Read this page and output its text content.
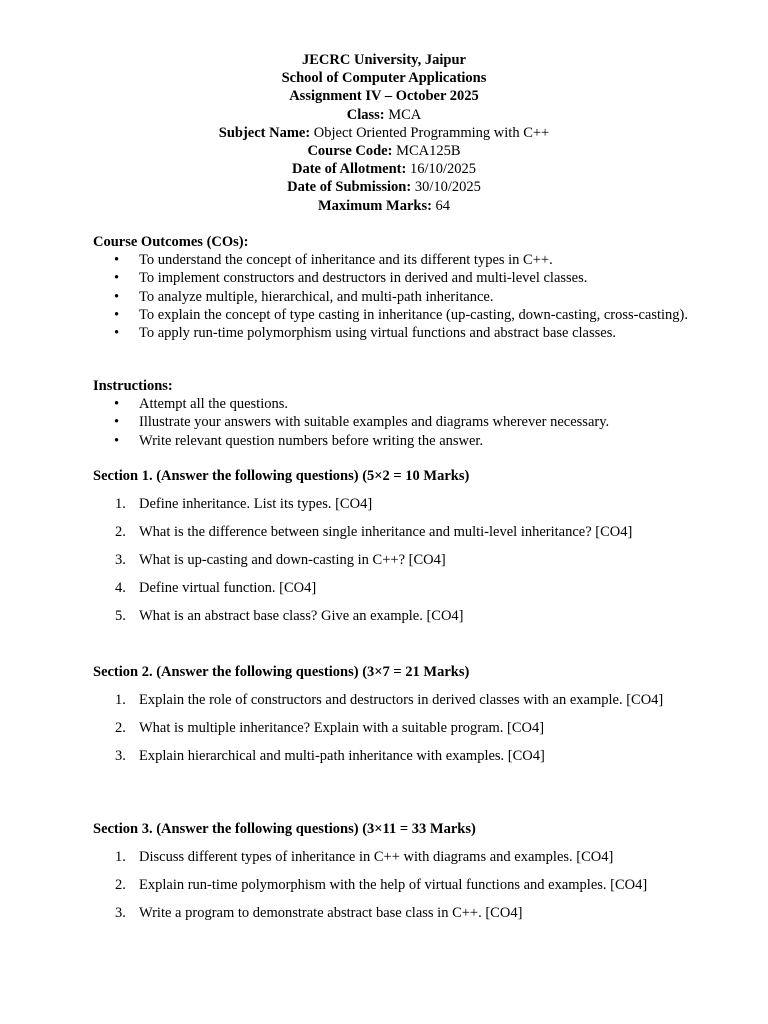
JECRC University, Jaipur
School of Computer Applications
Assignment IV – October 2025
Class: MCA
Subject Name: Object Oriented Programming with C++
Course Code: MCA125B
Date of Allotment: 16/10/2025
Date of Submission: 30/10/2025
Maximum Marks: 64
Course Outcomes (COs):
• To understand the concept of inheritance and its different types in C++.
• To implement constructors and destructors in derived and multi-level classes.
• To analyze multiple, hierarchical, and multi-path inheritance.
• To explain the concept of type casting in inheritance (up-casting, down-casting, cross-casting).
• To apply run-time polymorphism using virtual functions and abstract base classes.
Instructions:
• Attempt all the questions.
• Illustrate your answers with suitable examples and diagrams wherever necessary.
• Write relevant question numbers before writing the answer.
Section 1. (Answer the following questions) (5×2 = 10 Marks)
1. Define inheritance. List its types. [CO4]
2. What is the difference between single inheritance and multi-level inheritance? [CO4]
3. What is up-casting and down-casting in C++? [CO4]
4. Define virtual function. [CO4]
5. What is an abstract base class? Give an example. [CO4]
Section 2. (Answer the following questions) (3×7 = 21 Marks)
1. Explain the role of constructors and destructors in derived classes with an example. [CO4]
2. What is multiple inheritance? Explain with a suitable program. [CO4]
3. Explain hierarchical and multi-path inheritance with examples. [CO4]
Section 3. (Answer the following questions) (3×11 = 33 Marks)
1. Discuss different types of inheritance in C++ with diagrams and examples. [CO4]
2. Explain run-time polymorphism with the help of virtual functions and examples. [CO4]
3. Write a program to demonstrate abstract base class in C++. [CO4]
